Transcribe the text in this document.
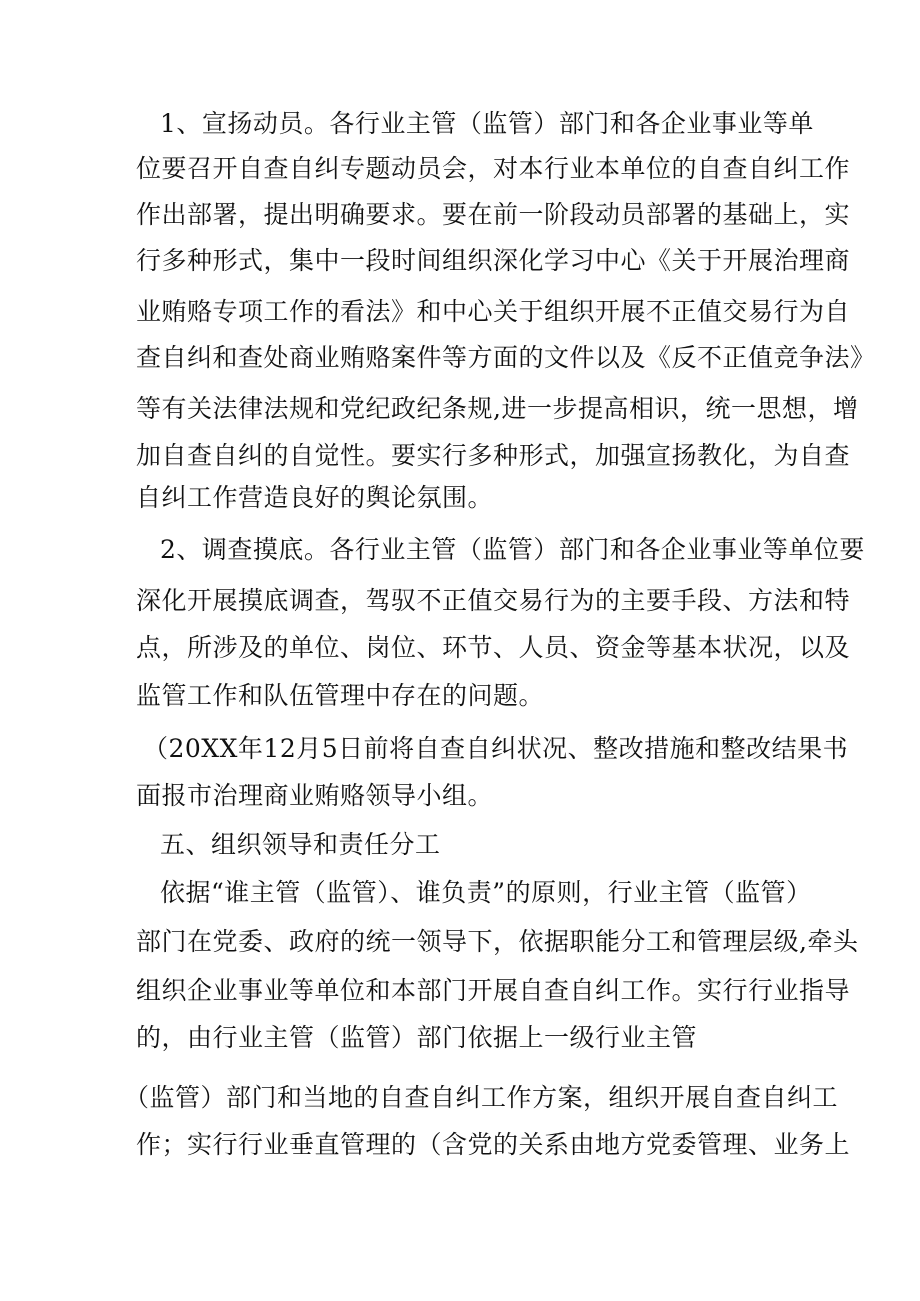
1、宣扬动员。各行业主管（监管）部门和各企业事业等单
位要召开自查自纠专题动员会，对本行业本单位的自查自纠工作
作出部署，提出明确要求。要在前一阶段动员部署的基础上，实
行多种形式，集中一段时间组织深化学习中心《关于开展治理商
业贿赂专项工作的看法》和中心关于组织开展不正值交易行为自
查自纠和查处商业贿赂案件等方面的文件以及《反不正值竞争法》
等有关法律法规和党纪政纪条规,进一步提高相识，统一思想，增
加自查自纠的自觉性。要实行多种形式，加强宣扬教化，为自查
自纠工作营造良好的舆论氛围。
2、调查摸底。各行业主管（监管）部门和各企业事业等单位要
深化开展摸底调查，驾驭不正值交易行为的主要手段、方法和特
点，所涉及的单位、岗位、环节、人员、资金等基本状况，以及
监管工作和队伍管理中存在的问题。
（20XX年12月5日前将自查自纠状况、整改措施和整改结果书
面报市治理商业贿赂领导小组。
五、组织领导和责任分工
依据“谁主管（监管）、谁负责”的原则，行业主管（监管）
部门在党委、政府的统一领导下，依据职能分工和管理层级,牵头
组织企业事业等单位和本部门开展自查自纠工作。实行行业指导
的，由行业主管（监管）部门依据上一级行业主管
（监管）部门和当地的自查自纠工作方案，组织开展自查自纠工
作；实行行业垂直管理的（含党的关系由地方党委管理、业务上
